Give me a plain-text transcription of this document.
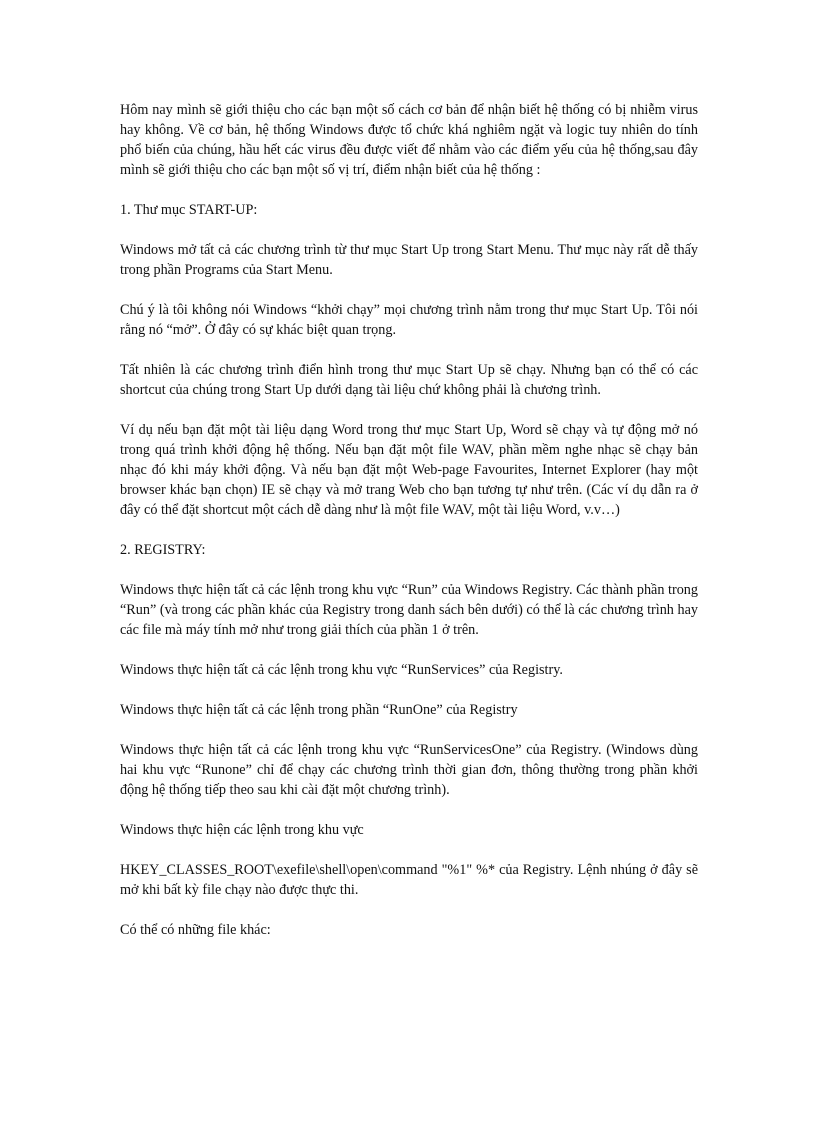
Hôm nay mình sẽ giới thiệu cho các bạn một số cách cơ bản để nhận biết hệ thống có bị nhiễm virus hay không. Về cơ bản, hệ thống Windows được tổ chức khá nghiêm ngặt và logic tuy nhiên do tính phổ biến của chúng, hầu hết các virus đều được viết để nhằm vào các điểm yếu của hệ thống,sau đây mình sẽ giới thiệu cho các bạn một số vị trí, điểm nhận biết của hệ thống :

1. Thư mục START-UP:

Windows mở tất cả các chương trình từ thư mục Start Up trong Start Menu. Thư mục này rất dễ thấy trong phần Programs của Start Menu.

Chú ý là tôi không nói Windows “khởi chạy” mọi chương trình nằm trong thư mục Start Up. Tôi nói rằng nó “mở”. Ở đây có sự khác biệt quan trọng.

Tất nhiên là các chương trình điển hình trong thư mục Start Up sẽ chạy. Nhưng bạn có thể có các shortcut của chúng trong Start Up dưới dạng tài liệu chứ không phải là chương trình.

Ví dụ nếu bạn đặt một tài liệu dạng Word trong thư mục Start Up, Word sẽ chạy và tự động mở nó trong quá trình khởi động hệ thống. Nếu bạn đặt một file WAV, phần mềm nghe nhạc sẽ chạy bản nhạc đó khi máy khởi động. Và nếu bạn đặt một Web-page Favourites, Internet Explorer (hay một browser khác bạn chọn) IE sẽ chạy và mở trang Web cho bạn tương tự như trên. (Các ví dụ dẫn ra ở đây có thể đặt shortcut một cách dễ dàng như là một file WAV, một tài liệu Word, v.v…)

2. REGISTRY:

Windows thực hiện tất cả các lệnh trong khu vực “Run” của Windows Registry. Các thành phần trong “Run” (và trong các phần khác của Registry trong danh sách bên dưới) có thể là các chương trình hay các file mà máy tính mở như trong giải thích của phần 1 ở trên.

Windows thực hiện tất cả các lệnh trong khu vực “RunServices” của Registry.

Windows thực hiện tất cả các lệnh trong phần “RunOne” của Registry

Windows thực hiện tất cả các lệnh trong khu vực “RunServicesOne” của Registry. (Windows dùng hai khu vực “Runone” chỉ để chạy các chương trình thời gian đơn, thông thường trong phần khởi động hệ thống tiếp theo sau khi cài đặt một chương trình).

Windows thực hiện các lệnh trong khu vực

HKEY_CLASSES_ROOT\exefile\shell\open\command "%1" %* của Registry. Lệnh nhúng ở đây sẽ mở khi bất kỳ file chạy nào được thực thi.

Có thể có những file khác:
